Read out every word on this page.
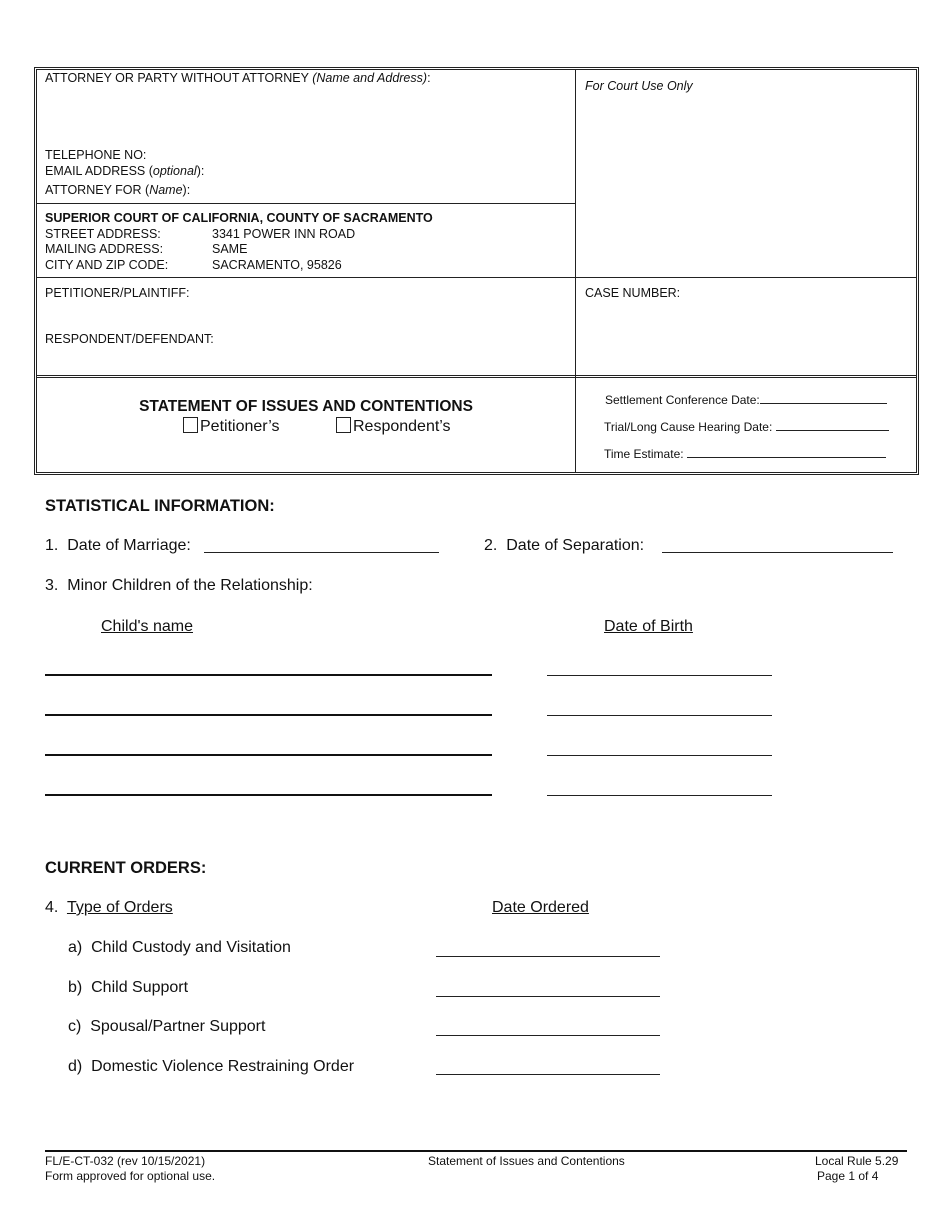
ATTORNEY OR PARTY WITHOUT ATTORNEY (Name and Address):
TELEPHONE NO:
EMAIL ADDRESS (optional):
ATTORNEY FOR (Name):
For Court Use Only
SUPERIOR COURT OF CALIFORNIA, COUNTY OF SACRAMENTO
STREET ADDRESS:	3341 POWER INN ROAD
MAILING ADDRESS:	SAME
CITY AND ZIP CODE:	SACRAMENTO, 95826
PETITIONER/PLAINTIFF:
RESPONDENT/DEFENDANT:
CASE NUMBER:
STATEMENT OF ISSUES AND CONTENTIONS
Petitioner’s	Respondent’s
Settlement Conference Date:
Trial/Long Cause Hearing Date:
Time Estimate:
STATISTICAL INFORMATION:
1. Date of Marriage:	2. Date of Separation:
3. Minor Children of the Relationship:
Child's name	Date of Birth
CURRENT ORDERS:
4. Type of Orders	Date Ordered
a) Child Custody and Visitation
b) Child Support
c) Spousal/Partner Support
d) Domestic Violence Restraining Order
FL/E-CT-032 (rev 10/15/2021)
Form approved for optional use.
Statement of Issues and Contentions	Local Rule 5.29
Page 1 of 4
